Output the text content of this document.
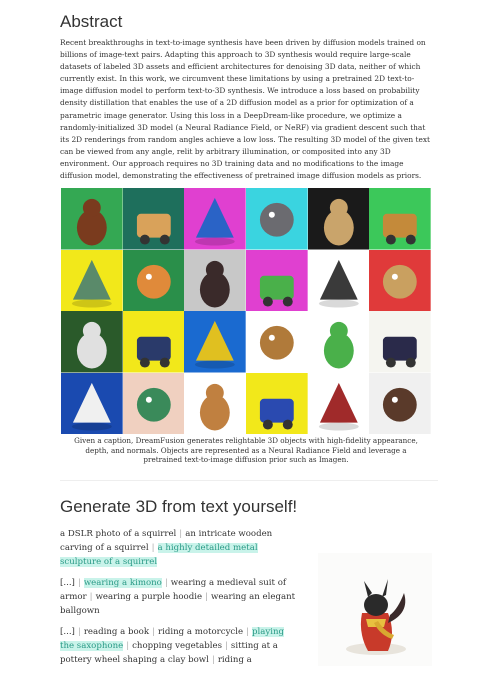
Abstract

Recent breakthroughs in text-to-image synthesis have been driven by diffusion models trained on billions of image-text pairs. Adapting this approach to 3D synthesis would require large-scale datasets of labeled 3D assets and efficient architectures for denoising 3D data, neither of which currently exist. In this work, we circumvent these limitations by using a pretrained 2D text-to-image diffusion model to perform text-to-3D synthesis. We introduce a loss based on probability density distillation that enables the use of a 2D diffusion model as a prior for optimization of a parametric image generator. Using this loss in a DeepDream-like procedure, we optimize a randomly-initialized 3D model (a Neural Radiance Field, or NeRF) via gradient descent such that its 2D renderings from random angles achieve a low loss. The resulting 3D model of the given text can be viewed from any angle, relit by arbitrary illumination, or composited into any 3D environment. Our approach requires no 3D training data and no modifications to the image diffusion model, demonstrating the effectiveness of pretrained image diffusion models as priors.

Given a caption, DreamFusion generates relightable 3D objects with high-fidelity appearance, depth, and normals. Objects are represented as a Neural Radiance Field and leverage a pretrained text-to-image diffusion prior such as Imagen.

Generate 3D from text yourself!

a DSLR photo of a squirrel | an intricate wooden carving of a squirrel | a highly detailed metal sculpture of a squirrel

[...] | wearing a kimono | wearing a medieval suit of armor | wearing a purple hoodie | wearing an elegant ballgown

[...] | reading a book | riding a motorcycle | playing the saxophone | chopping vegetables | sitting at a pottery wheel shaping a clay bowl | riding a
